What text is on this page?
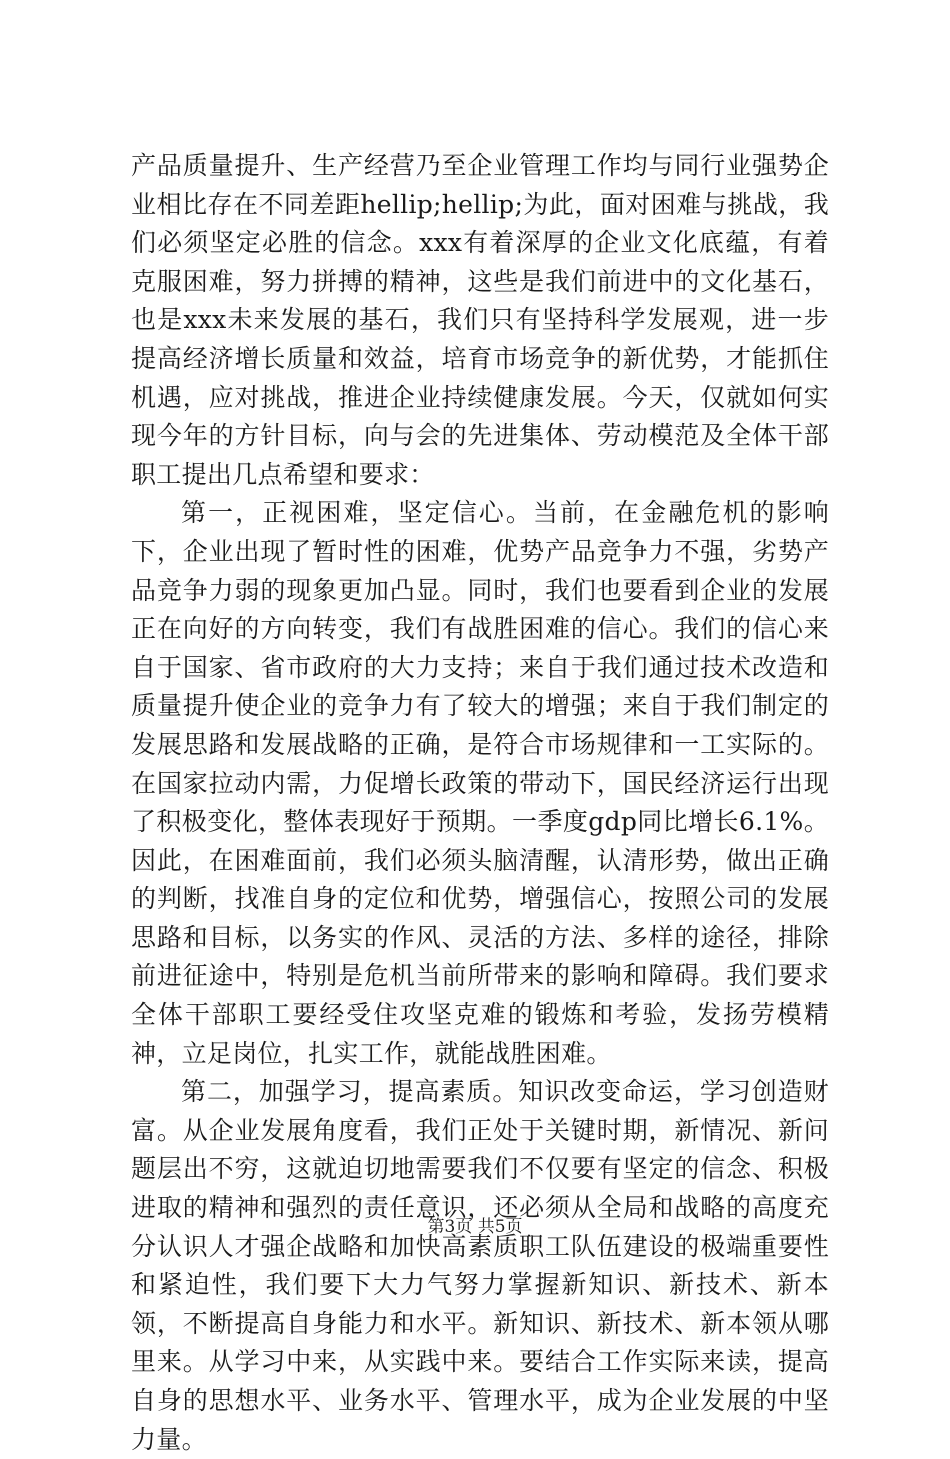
产品质量提升、生产经营乃至企业管理工作均与同行业强势企业相比存在不同差距hellip;hellip;为此，面对困难与挑战，我们必须坚定必胜的信念。xxx有着深厚的企业文化底蕴，有着克服困难，努力拼搏的精神，这些是我们前进中的文化基石，也是xxx未来发展的基石，我们只有坚持科学发展观，进一步提高经济增长质量和效益，培育市场竞争的新优势，才能抓住机遇，应对挑战，推进企业持续健康发展。今天，仅就如何实现今年的方针目标，向与会的先进集体、劳动模范及全体干部职工提出几点希望和要求：

第一，正视困难，坚定信心。当前，在金融危机的影响下，企业出现了暂时性的困难，优势产品竞争力不强，劣势产品竞争力弱的现象更加凸显。同时，我们也要看到企业的发展正在向好的方向转变，我们有战胜困难的信心。我们的信心来自于国家、省市政府的大力支持；来自于我们通过技术改造和质量提升使企业的竞争力有了较大的增强；来自于我们制定的发展思路和发展战略的正确，是符合市场规律和一工实际的。在国家拉动内需，力促增长政策的带动下，国民经济运行出现了积极变化，整体表现好于预期。一季度gdp同比增长6.1%。因此，在困难面前，我们必须头脑清醒，认清形势，做出正确的判断，找准自身的定位和优势，增强信心，按照公司的发展思路和目标，以务实的作风、灵活的方法、多样的途径，排除前进征途中，特别是危机当前所带来的影响和障碍。我们要求全体干部职工要经受住攻坚克难的锻炼和考验，发扬劳模精神，立足岗位，扎实工作，就能战胜困难。

第二，加强学习，提高素质。知识改变命运，学习创造财富。从企业发展角度看，我们正处于关键时期，新情况、新问题层出不穷，这就迫切地需要我们不仅要有坚定的信念、积极进取的精神和强烈的责任意识，还必须从全局和战略的高度充分认识人才强企战略和加快高素质职工队伍建设的极端重要性和紧迫性，我们要下大力气努力掌握新知识、新技术、新本领，不断提高自身能力和水平。新知识、新技术、新本领从哪里来。从学习中来，从实践中来。要结合工作实际来读，提高自身的思想水平、业务水平、管理水平，成为企业发展的中坚力量。

第3页 共5页
